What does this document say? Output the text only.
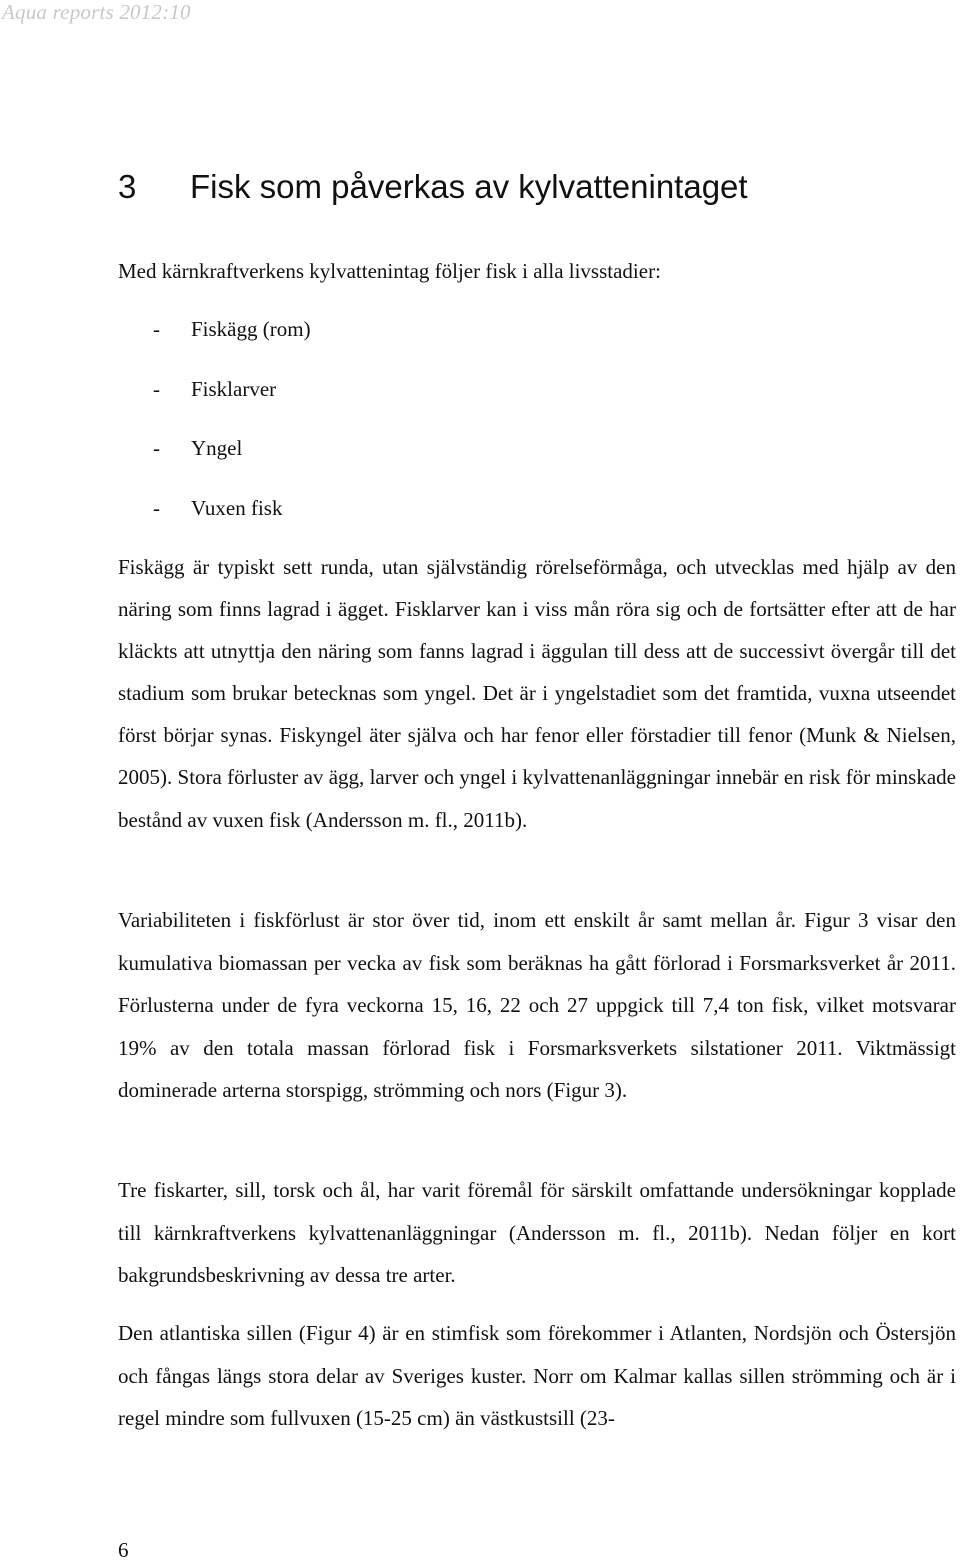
Aqua reports 2012:10
3 Fisk som påverkas av kylvattenintaget

Med kärnkraftverkens kylvattenintag följer fisk i alla livsstadier:

- Fiskägg (rom)
- Fisklarver
- Yngel
- Vuxen fisk

Fiskägg är typiskt sett runda, utan självständig rörelseförmåga, och utvecklas med hjälp av den näring som finns lagrad i ägget. Fisklarver kan i viss mån röra sig och de fortsätter efter att de har kläckts att utnyttja den näring som fanns lagrad i äggulan till dess att de successivt övergår till det stadium som brukar betecknas som yngel. Det är i yngelstadiet som det framtida, vuxna utseendet först börjar synas. Fiskyngel äter själva och har fenor eller förstadier till fenor (Munk & Nielsen, 2005). Stora förluster av ägg, larver och yngel i kylvattenanläggningar innebär en risk för minskade bestånd av vuxen fisk (Andersson m. fl., 2011b).

Variabiliteten i fiskförlust är stor över tid, inom ett enskilt år samt mellan år. Figur 3 visar den kumulativa biomassan per vecka av fisk som beräknas ha gått förlorad i Forsmarksverket år 2011. Förlusterna under de fyra veckorna 15, 16, 22 och 27 uppgick till 7,4 ton fisk, vilket motsvarar 19% av den totala massan förlorad fisk i Forsmarksverkets silstationer 2011. Viktmässigt dominerade arterna storspigg, strömming och nors (Figur 3).

Tre fiskarter, sill, torsk och ål, har varit föremål för särskilt omfattande undersökningar kopplade till kärnkraftverkens kylvattenanläggningar (Andersson m. fl., 2011b). Nedan följer en kort bakgrundsbeskrivning av dessa tre arter.

Den atlantiska sillen (Figur 4) är en stimfisk som förekommer i Atlanten, Nordsjön och Östersjön och fångas längs stora delar av Sveriges kuster. Norr om Kalmar kallas sillen strömming och är i regel mindre som fullvuxen (15-25 cm) än västkustsill (23-

6
